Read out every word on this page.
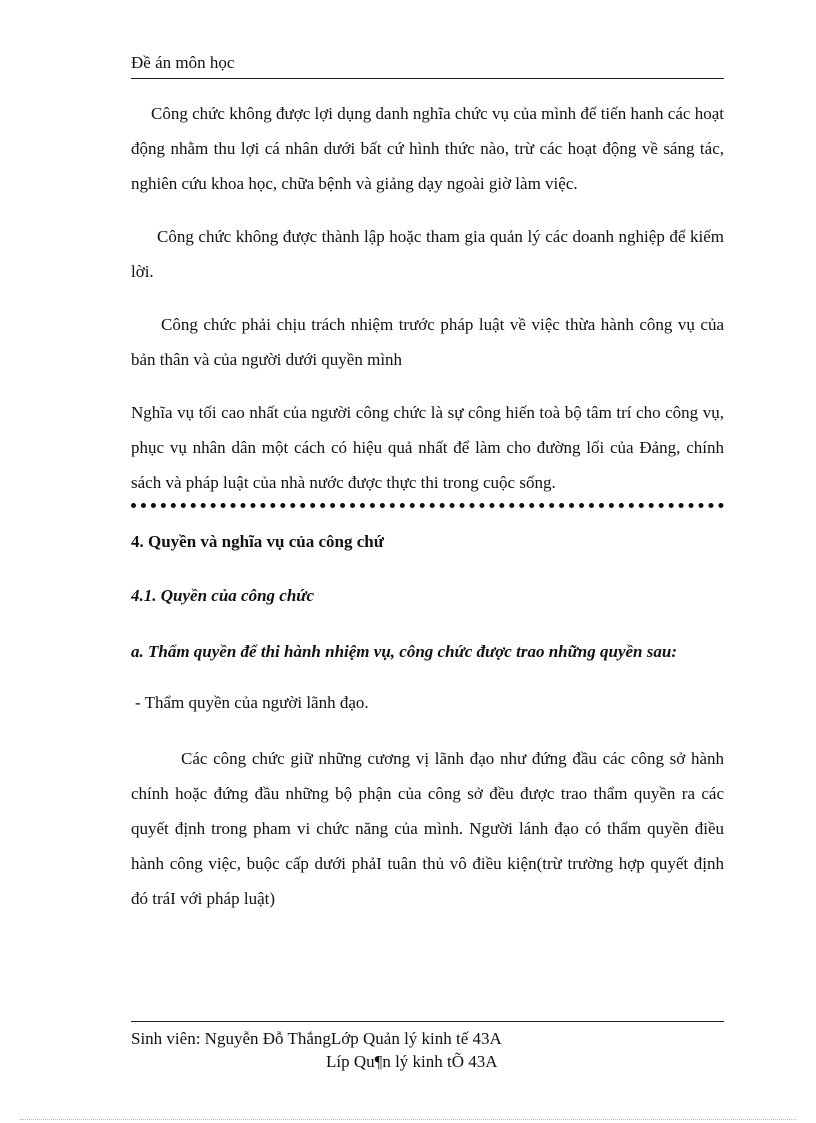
Đề án môn học

Công chức không được lợi dụng danh nghĩa chức vụ của mình để tiến hanh các hoạt động nhằm thu lợi cá nhân dưới bất cứ hình thức nào, trừ các hoạt động về sáng tác, nghiên cứu khoa học, chữa bệnh và giảng dạy ngoài giờ làm việc.

Công chức không được thành lập hoặc tham gia quản lý các doanh nghiệp để kiếm lời.

Công chức phải chịu trách nhiệm trước pháp luật về việc thừa hành công vụ của bản thân và của người dưới quyền mình

Nghĩa vụ tối cao nhất của người công chức là sự công hiến toà bộ tâm trí cho công vụ, phục vụ nhân dân một cách có hiệu quả nhất để làm cho đường lối của Đảng, chính sách và pháp luật của nhà nước được thực thi trong cuộc sống.

4. Quyền và nghĩa vụ của công chứ

4.1. Quyền của công chức

a. Thẩm quyền để thi hành nhiệm vụ, công chức được trao những quyền sau:

- Thẩm quyền của người lãnh đạo.

Các công chức giữ những cương vị lãnh đạo như đứng đầu các công sở hành chính hoặc đứng đầu những bộ phận của công sở đều được trao thẩm quyền ra các quyết định trong pham vi chức năng của mình. Người lánh đạo có thẩm quyền điều hành công việc, buộc cấp dưới phảI tuân thủ vô điều kiện(trừ trường hợp quyết định đó tráI với pháp luật)

Sinh viên: Nguyễn Đỗ ThắngLớp Quản lý kinh tế 43A
Líp Qu¶n lý kinh tÕ 43A
